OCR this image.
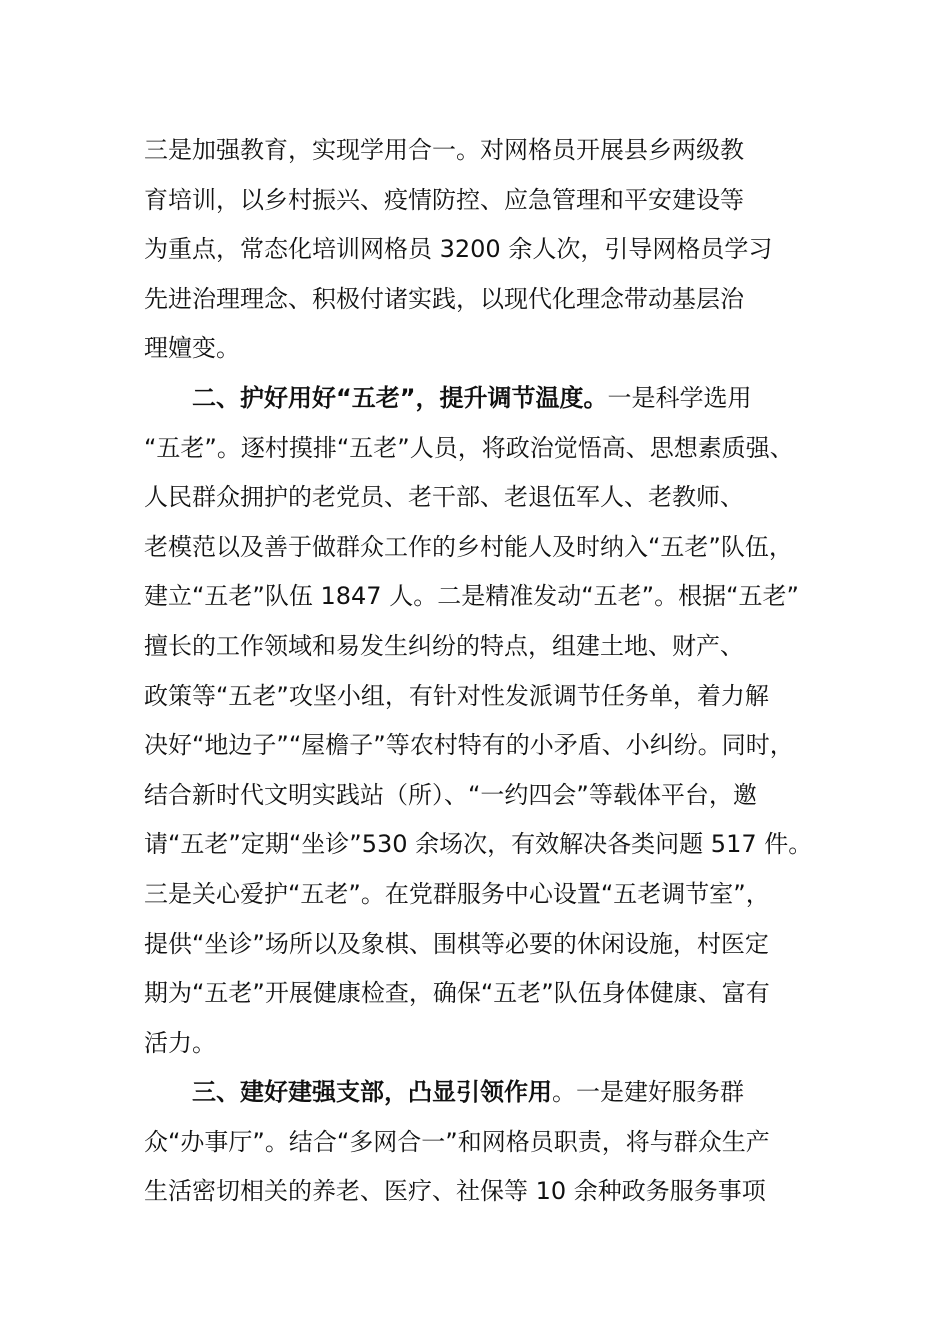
三是加强教育，实现学用合一。对网格员开展县乡两级教
育培训，以乡村振兴、疫情防控、应急管理和平安建设等
为重点，常态化培训网格员 3200 余人次，引导网格员学习
先进治理理念、积极付诸实践，以现代化理念带动基层治
理嬗变。
二、护好用好“五老”，提升调节温度。一是科学选用
“五老”。逐村摸排“五老”人员，将政治觉悟高、思想素质强、
人民群众拥护的老党员、老干部、老退伍军人、老教师、
老模范以及善于做群众工作的乡村能人及时纳入“五老”队伍，
建立“五老”队伍 1847 人。二是精准发动“五老”。根据“五老”
擅长的工作领域和易发生纠纷的特点，组建土地、财产、
政策等“五老”攻坚小组，有针对性发派调节任务单，着力解
决好“地边子”“屋檐子”等农村特有的小矛盾、小纠纷。同时，
结合新时代文明实践站（所）、“一约四会”等载体平台，邀
请“五老”定期“坐诊”530 余场次，有效解决各类问题 517 件。
三是关心爱护“五老”。在党群服务中心设置“五老调节室”，
提供“坐诊”场所以及象棋、围棋等必要的休闲设施，村医定
期为“五老”开展健康检查，确保“五老”队伍身体健康、富有
活力。
三、建好建强支部，凸显引领作用。一是建好服务群
众“办事厅”。结合“多网合一”和网格员职责，将与群众生产
生活密切相关的养老、医疗、社保等 10 余种政务服务事项
